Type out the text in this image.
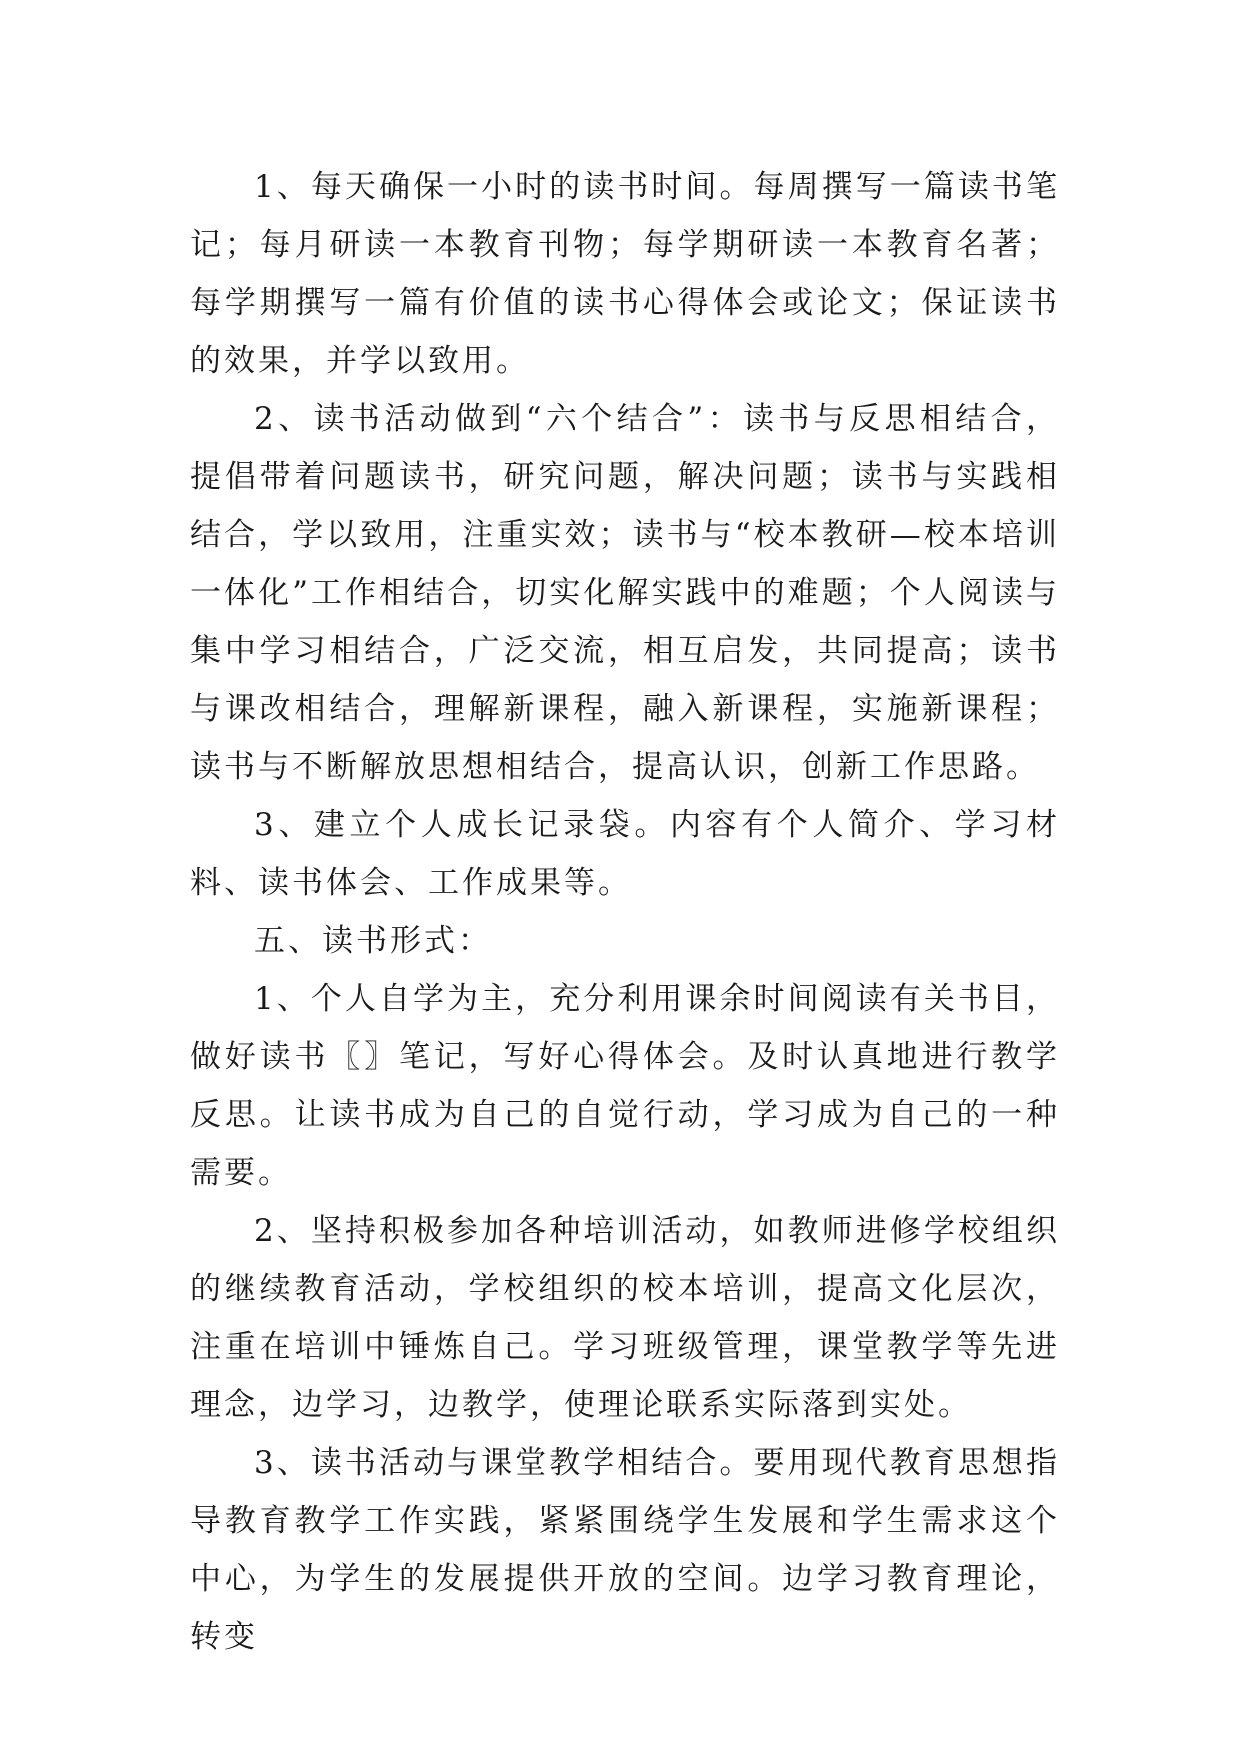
1、每天确保一小时的读书时间。每周撰写一篇读书笔记；每月研读一本教育刊物；每学期研读一本教育名著；每学期撰写一篇有价值的读书心得体会或论文；保证读书的效果，并学以致用。

2、读书活动做到“六个结合”：读书与反思相结合，提倡带着问题读书，研究问题，解决问题；读书与实践相结合，学以致用，注重实效；读书与“校本教研—校本培训一体化”工作相结合，切实化解实践中的难题；个人阅读与集中学习相结合，广泛交流，相互启发，共同提高；读书与课改相结合，理解新课程，融入新课程，实施新课程；读书与不断解放思想相结合，提高认识，创新工作思路。

3、建立个人成长记录袋。内容有个人简介、学习材料、读书体会、工作成果等。

五、读书形式：

1、个人自学为主，充分利用课余时间阅读有关书目，做好读书〖〗笔记，写好心得体会。及时认真地进行教学反思。让读书成为自己的自觉行动，学习成为自己的一种需要。

2、坚持积极参加各种培训活动，如教师进修学校组织的继续教育活动，学校组织的校本培训，提高文化层次，注重在培训中锤炼自己。学习班级管理，课堂教学等先进理念，边学习，边教学，使理论联系实际落到实处。

3、读书活动与课堂教学相结合。要用现代教育思想指导教育教学工作实践，紧紧围绕学生发展和学生需求这个中心，为学生的发展提供开放的空间。边学习教育理论，转变
